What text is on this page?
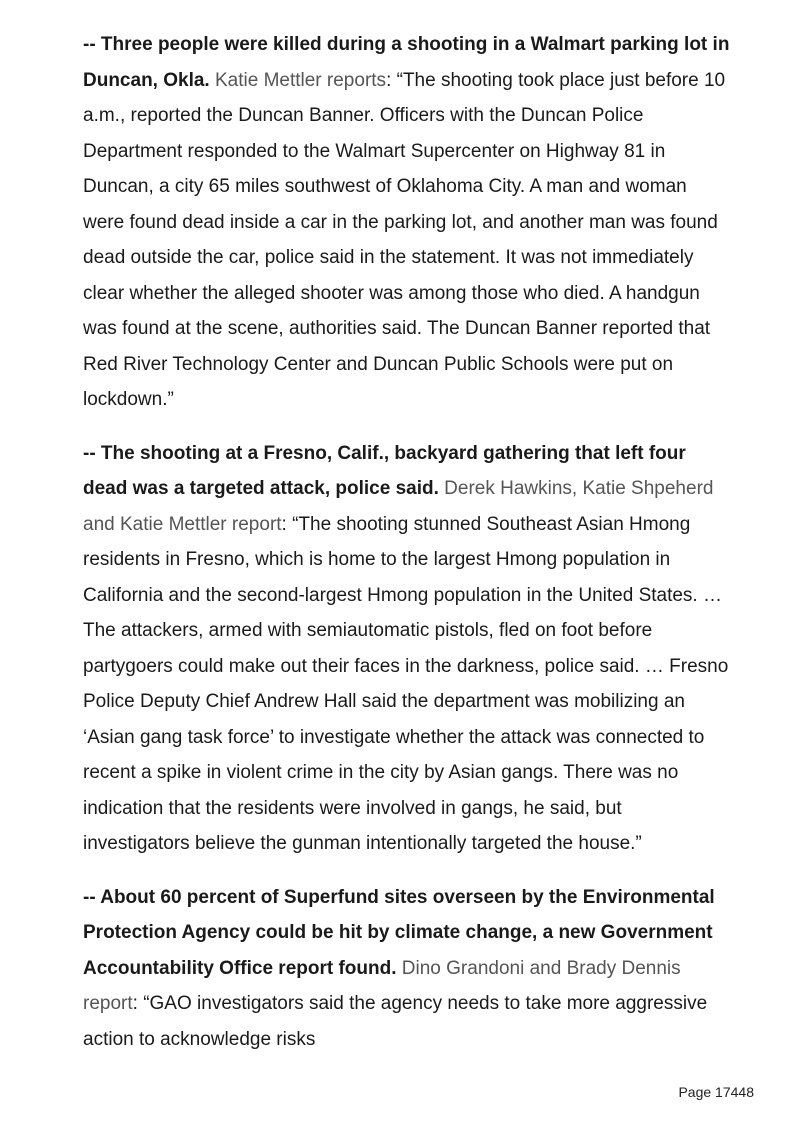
-- Three people were killed during a shooting in a Walmart parking lot in Duncan, Okla. Katie Mettler reports: “The shooting took place just before 10 a.m., reported the Duncan Banner. Officers with the Duncan Police Department responded to the Walmart Supercenter on Highway 81 in Duncan, a city 65 miles southwest of Oklahoma City. A man and woman were found dead inside a car in the parking lot, and another man was found dead outside the car, police said in the statement. It was not immediately clear whether the alleged shooter was among those who died. A handgun was found at the scene, authorities said. The Duncan Banner reported that Red River Technology Center and Duncan Public Schools were put on lockdown.”

-- The shooting at a Fresno, Calif., backyard gathering that left four dead was a targeted attack, police said. Derek Hawkins, Katie Shpeherd and Katie Mettler report: “The shooting stunned Southeast Asian Hmong residents in Fresno, which is home to the largest Hmong population in California and the second-largest Hmong population in the United States. … The attackers, armed with semiautomatic pistols, fled on foot before partygoers could make out their faces in the darkness, police said. … Fresno Police Deputy Chief Andrew Hall said the department was mobilizing an ‘Asian gang task force’ to investigate whether the attack was connected to recent a spike in violent crime in the city by Asian gangs. There was no indication that the residents were involved in gangs, he said, but investigators believe the gunman intentionally targeted the house.”

-- About 60 percent of Superfund sites overseen by the Environmental Protection Agency could be hit by climate change, a new Government Accountability Office report found. Dino Grandoni and Brady Dennis report: “GAO investigators said the agency needs to take more aggressive action to acknowledge risks

Page 17448
